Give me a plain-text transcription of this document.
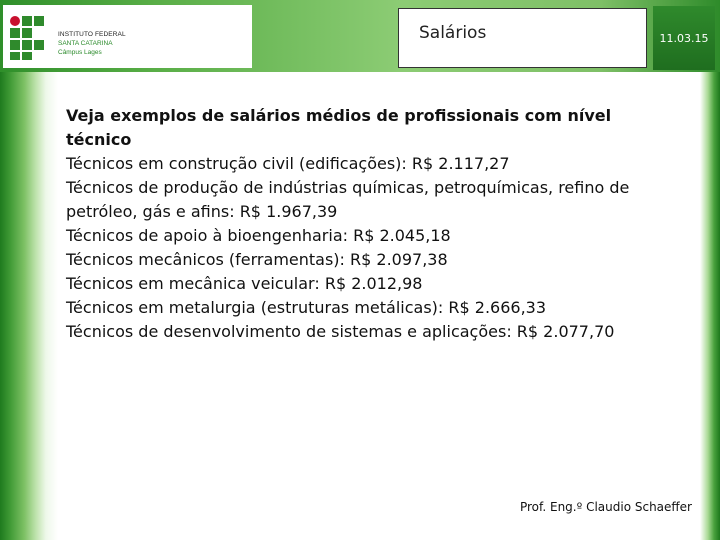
INSTITUTO FEDERAL
SANTA CATARINA
Câmpus Lages
Salários	11.03.15
Veja exemplos de salários médios de profissionais com nível técnico
Técnicos em construção civil (edificações): R$ 2.117,27
Técnicos de produção de indústrias químicas, petroquímicas, refino de petróleo, gás e afins: R$ 1.967,39
Técnicos de apoio à bioengenharia: R$ 2.045,18
Técnicos mecânicos (ferramentas): R$ 2.097,38
Técnicos em mecânica veicular: R$ 2.012,98
Técnicos em metalurgia (estruturas metálicas): R$ 2.666,33
Técnicos de desenvolvimento de sistemas e aplicações: R$ 2.077,70
Prof. Eng.º Claudio Schaeffer
